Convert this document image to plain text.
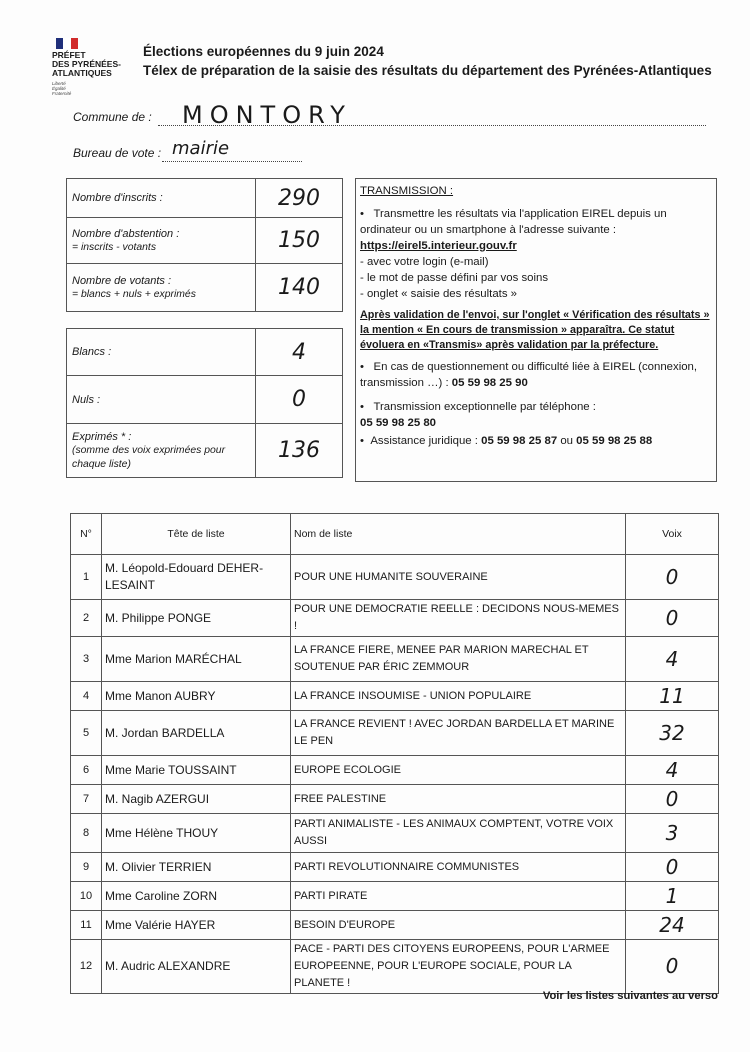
PRÉFET
DES PYRÉNÉES-
ATLANTIQUES
Liberté
Égalité
Fraternité
Élections européennes du 9 juin 2024
Télex de préparation de la saisie des résultats du département des Pyrénées-Atlantiques
Commune de : MONTORY
Bureau de vote : mairie
Nombre d'inscrits :	290

Nombre d'abstention :
= inscrits - votants	150

Nombre de votants :
= blancs + nuls + exprimés	140
Blancs :	4
Nuls :	0

Exprimés * :
(somme des voix exprimées pour chaque liste)	136

TRANSMISSION :

•   Transmettre les résultats via l'application EIREL depuis un ordinateur ou un smartphone à l'adresse suivante :

https://eirel5.interieur.gouv.fr

- avec votre login (e-mail)

- le mot de passe défini par vos soins

- onglet « saisie des résultats »

Après validation de l'envoi, sur l'onglet « Vérification des résultats » la mention « En cours de transmission » apparaîtra. Ce statut évoluera en «Transmis» après validation par la préfecture.

•   En cas de questionnement ou difficulté liée à EIREL (connexion, transmission …) : 05 59 98 25 90

•   Transmission exceptionnelle par téléphone :

05 59 98 25 80

•  Assistance juridique : 05 59 98 25 87 ou 05 59 98 25 88

N°	Tête de liste	Nom de liste	Voix
1	M. Léopold-Edouard DEHER-LESAINT	POUR UNE HUMANITE SOUVERAINE	0
2	M. Philippe PONGE	POUR UNE DEMOCRATIE REELLE : DECIDONS NOUS-MEMES !	0
3	Mme Marion MARÉCHAL	LA FRANCE FIERE, MENEE PAR MARION MARECHAL ET SOUTENUE PAR ÉRIC ZEMMOUR	4
4	Mme Manon AUBRY	LA FRANCE INSOUMISE - UNION POPULAIRE	11
5	M. Jordan BARDELLA	LA FRANCE REVIENT ! AVEC JORDAN BARDELLA ET MARINE LE PEN	32
6	Mme Marie TOUSSAINT	EUROPE ECOLOGIE	4
7	M. Nagib AZERGUI	FREE PALESTINE	0
8	Mme Hélène THOUY	PARTI ANIMALISTE - LES ANIMAUX COMPTENT, VOTRE VOIX AUSSI	3
9	M. Olivier TERRIEN	PARTI REVOLUTIONNAIRE COMMUNISTES	0
10	Mme Caroline ZORN	PARTI PIRATE	1
11	Mme Valérie HAYER	BESOIN D'EUROPE	24
12	M. Audric ALEXANDRE	PACE - PARTI DES CITOYENS EUROPEENS, POUR L'ARMEE EUROPEENNE, POUR L'EUROPE SOCIALE, POUR LA PLANETE !	0
Voir les listes suivantes au verso
